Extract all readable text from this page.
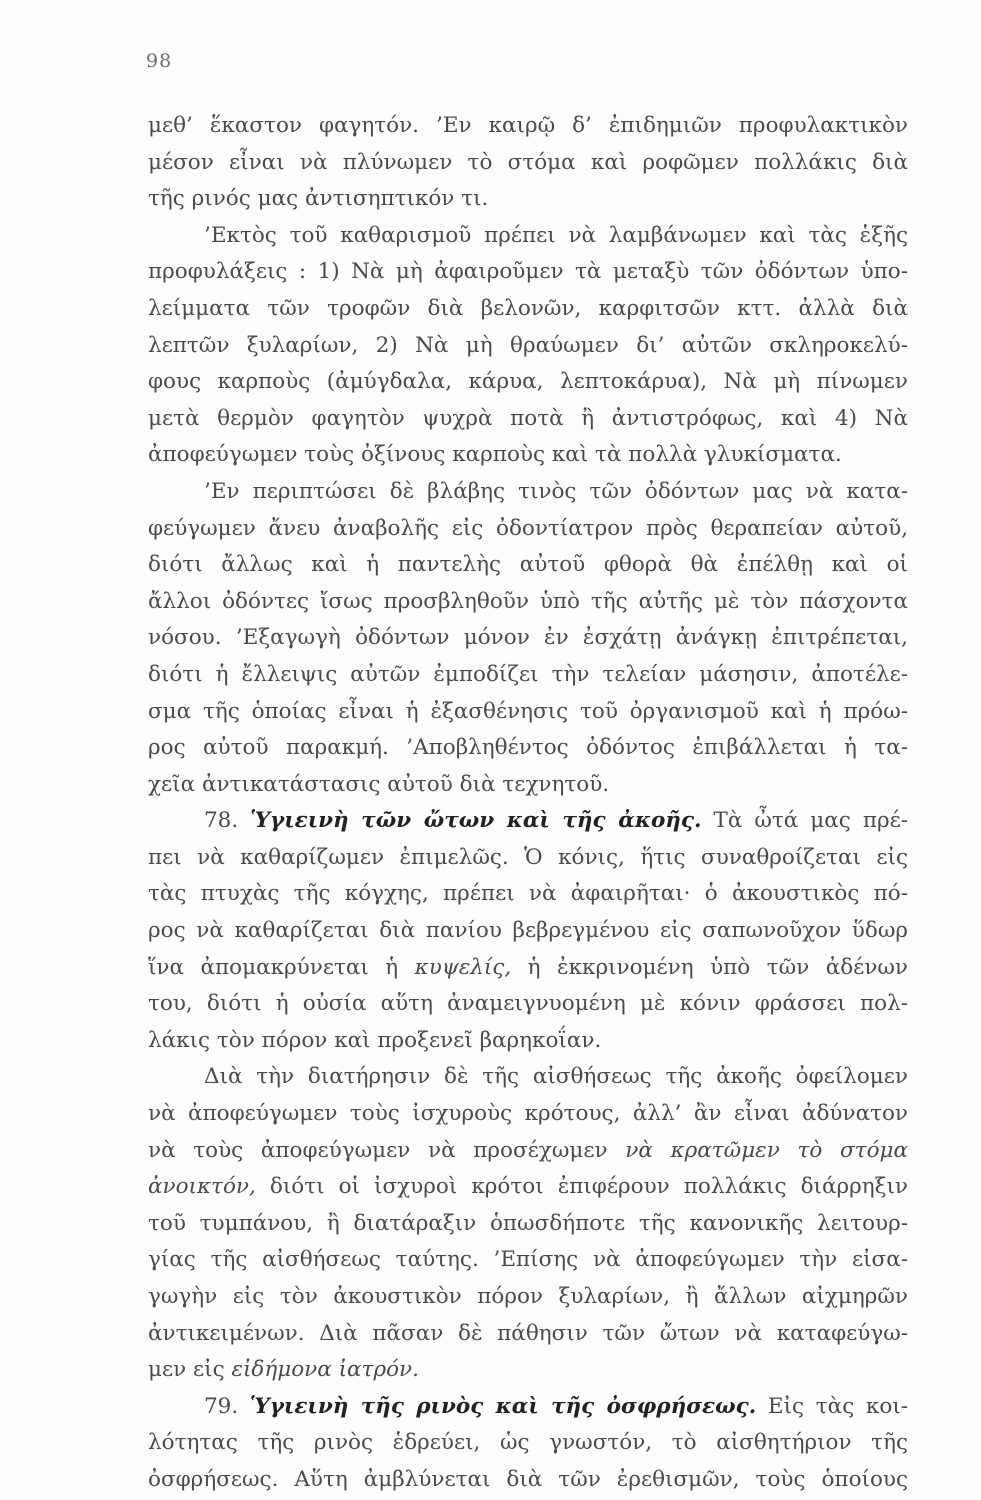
98
μεθ’ ἕκαστον φαγητόν. ’Εν καιρῷ δ’ ἐπιδημιῶν προφυλακτικὸν
μέσον εἶναι νὰ πλύνωμεν τὸ στόμα καὶ ροφῶμεν πολλάκις διὰ
τῆς ρινός μας ἀντισηπτικόν τι.
’Εκτὸς τοῦ καθαρισμοῦ πρέπει νὰ λαμβάνωμεν καὶ τὰς ἑξῆς
προφυλάξεις : 1) Νὰ μὴ ἀφαιροῦμεν τὰ μεταξὺ τῶν ὀδόντων ὑπο-
λείμματα τῶν τροφῶν διὰ βελονῶν, καρφιτσῶν κττ. ἀλλὰ διὰ
λεπτῶν ξυλαρίων, 2) Νὰ μὴ θραύωμεν δι’ αὐτῶν σκληροκελύ-
φους καρποὺς (ἀμύγδαλα, κάρυα, λεπτοκάρυα), Νὰ μὴ πίνωμεν
μετὰ θερμὸν φαγητὸν ψυχρὰ ποτὰ ἢ ἀντιστρόφως, καὶ 4) Νὰ
ἀποφεύγωμεν τοὺς ὀξίνους καρποὺς καὶ τὰ πολλὰ γλυκίσματα.
’Εν περιπτώσει δὲ βλάβης τινὸς τῶν ὀδόντων μας νὰ κατα-
φεύγωμεν ἄνευ ἀναβολῆς εἰς ὀδοντίατρον πρὸς θεραπείαν αὐτοῦ,
διότι ἄλλως καὶ ἡ παντελὴς αὐτοῦ φθορὰ θὰ ἐπέλθῃ καὶ οἱ
ἄλλοι ὀδόντες ἴσως προσβληθοῦν ὑπὸ τῆς αὐτῆς μὲ τὸν πάσχοντα
νόσου. ’Εξαγωγὴ ὀδόντων μόνον ἐν ἐσχάτῃ ἀνάγκῃ ἐπιτρέπεται,
διότι ἡ ἔλλειψις αὐτῶν ἐμποδίζει τὴν τελείαν μάσησιν, ἀποτέλε-
σμα τῆς ὁποίας εἶναι ἡ ἐξασθένησις τοῦ ὀργανισμοῦ καὶ ἡ πρόω-
ρος αὐτοῦ παρακμή. ’Αποβληθέντος ὀδόντος ἐπιβάλλεται ἡ τα-
χεῖα ἀντικατάστασις αὐτοῦ διὰ τεχνητοῦ.
78. Ὑγιεινὴ τῶν ὤτων καὶ τῆς ἀκοῆς. Τὰ ὦτά μας πρέ-
πει νὰ καθαρίζωμεν ἐπιμελῶς. Ὁ κόνις, ἥτις συναθροίζεται εἰς
τὰς πτυχὰς τῆς κόγχης, πρέπει νὰ ἀφαιρῆται· ὁ ἀκουστικὸς πό-
ρος νὰ καθαρίζεται διὰ πανίου βεβρεγμένου εἰς σαπωνοῦχον ὕδωρ
ἵνα ἀπομακρύνεται ἡ κυψελίς, ἡ ἐκκρινομένη ὑπὸ τῶν ἀδένων
του, διότι ἡ οὐσία αὕτη ἀναμειγνυομένη μὲ κόνιν φράσσει πολ-
λάκις τὸν πόρον καὶ προξενεῖ βαρηκοΐαν.
Διὰ τὴν διατήρησιν δὲ τῆς αἰσθήσεως τῆς ἀκοῆς ὀφείλομεν
νὰ ἀποφεύγωμεν τοὺς ἰσχυροὺς κρότους, ἀλλ’ ἂν εἶναι ἀδύνατον
νὰ τοὺς ἀποφεύγωμεν νὰ προσέχωμεν νὰ κρατῶμεν τὸ στόμα
ἀνοικτόν, διότι οἱ ἰσχυροὶ κρότοι ἐπιφέρουν πολλάκις διάρρηξιν
τοῦ τυμπάνου, ἢ διατάραξιν ὁπωσδήποτε τῆς κανονικῆς λειτουρ-
γίας τῆς αἰσθήσεως ταύτης. ’Επίσης νὰ ἀποφεύγωμεν τὴν εἰσα-
γωγὴν εἰς τὸν ἀκουστικὸν πόρον ξυλαρίων, ἢ ἄλλων αἰχμηρῶν
ἀντικειμένων. Διὰ πᾶσαν δὲ πάθησιν τῶν ὤτων νὰ καταφεύγω-
μεν εἰς εἰδήμονα ἰατρόν.
79. Ὑγιεινὴ τῆς ρινὸς καὶ τῆς ὀσφρήσεως. Εἰς τὰς κοι-
λότητας τῆς ρινὸς ἑδρεύει, ὡς γνωστόν, τὸ αἰσθητήριον τῆς
ὀσφρήσεως. Αὕτη ἀμβλύνεται διὰ τῶν ἐρεθισμῶν, τοὺς ὁποίους
